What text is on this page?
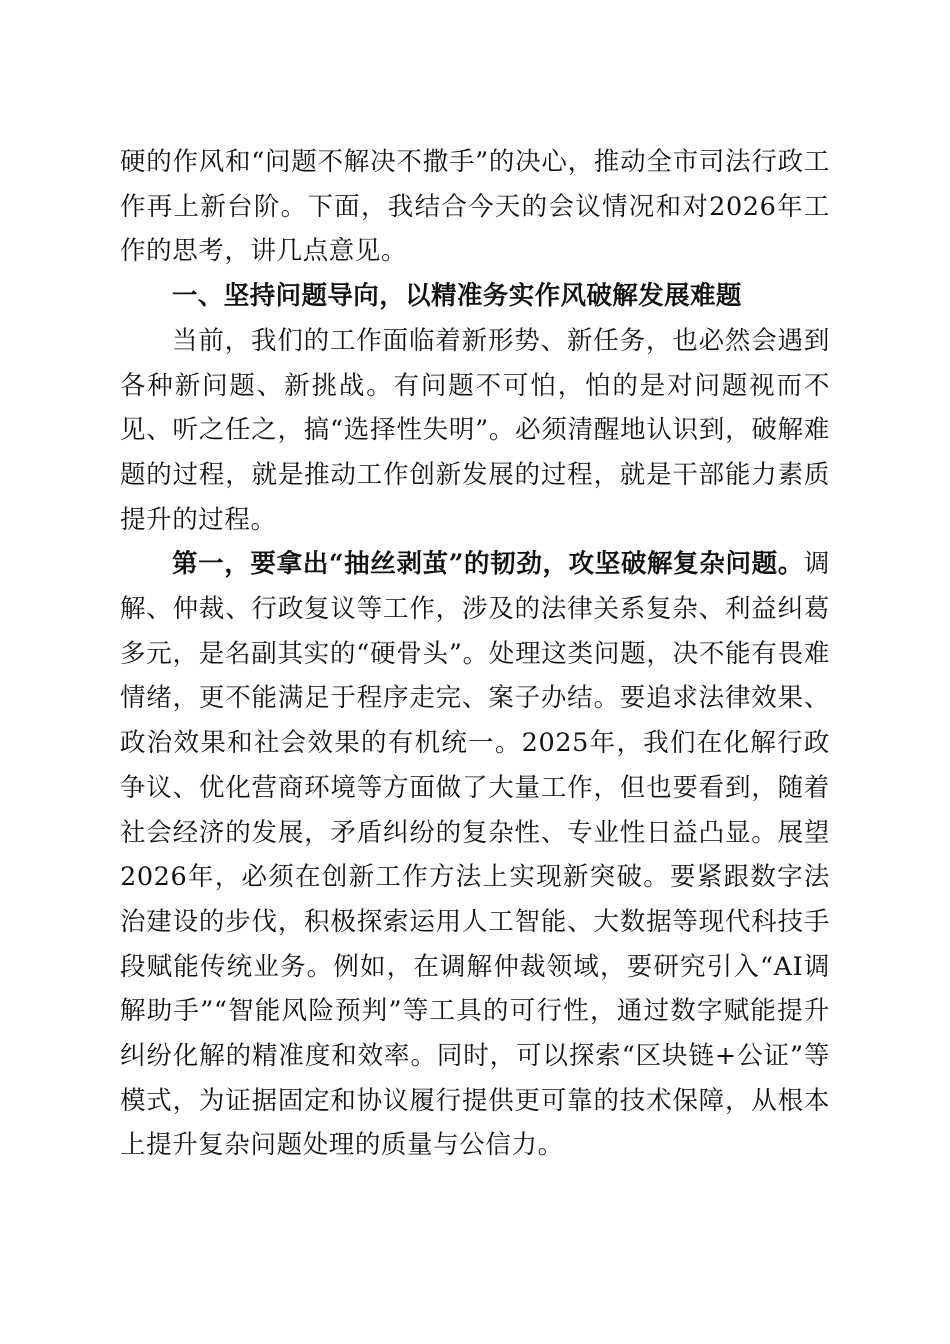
硬的作风和“问题不解决不撒手”的决心，推动全市司法行政工作再上新台阶。下面，我结合今天的会议情况和对2026年工作的思考，讲几点意见。

一、坚持问题导向，以精准务实作风破解发展难题

当前，我们的工作面临着新形势、新任务，也必然会遇到各种新问题、新挑战。有问题不可怕，怕的是对问题视而不见、听之任之，搞“选择性失明”。必须清醒地认识到，破解难题的过程，就是推动工作创新发展的过程，就是干部能力素质提升的过程。

第一，要拿出“抽丝剥茧”的韧劲，攻坚破解复杂问题。调解、仲裁、行政复议等工作，涉及的法律关系复杂、利益纠葛多元，是名副其实的“硬骨头”。处理这类问题，决不能有畏难情绪，更不能满足于程序走完、案子办结。要追求法律效果、政治效果和社会效果的有机统一。2025年，我们在化解行政争议、优化营商环境等方面做了大量工作，但也要看到，随着社会经济的发展，矛盾纠纷的复杂性、专业性日益凸显。展望2026年，必须在创新工作方法上实现新突破。要紧跟数字法治建设的步伐，积极探索运用人工智能、大数据等现代科技手段赋能传统业务。例如，在调解仲裁领域，要研究引入“AI调解助手”“智能风险预判”等工具的可行性，通过数字赋能提升纠纷化解的精准度和效率。同时，可以探索“区块链+公证”等模式，为证据固定和协议履行提供更可靠的技术保障，从根本上提升复杂问题处理的质量与公信力。
